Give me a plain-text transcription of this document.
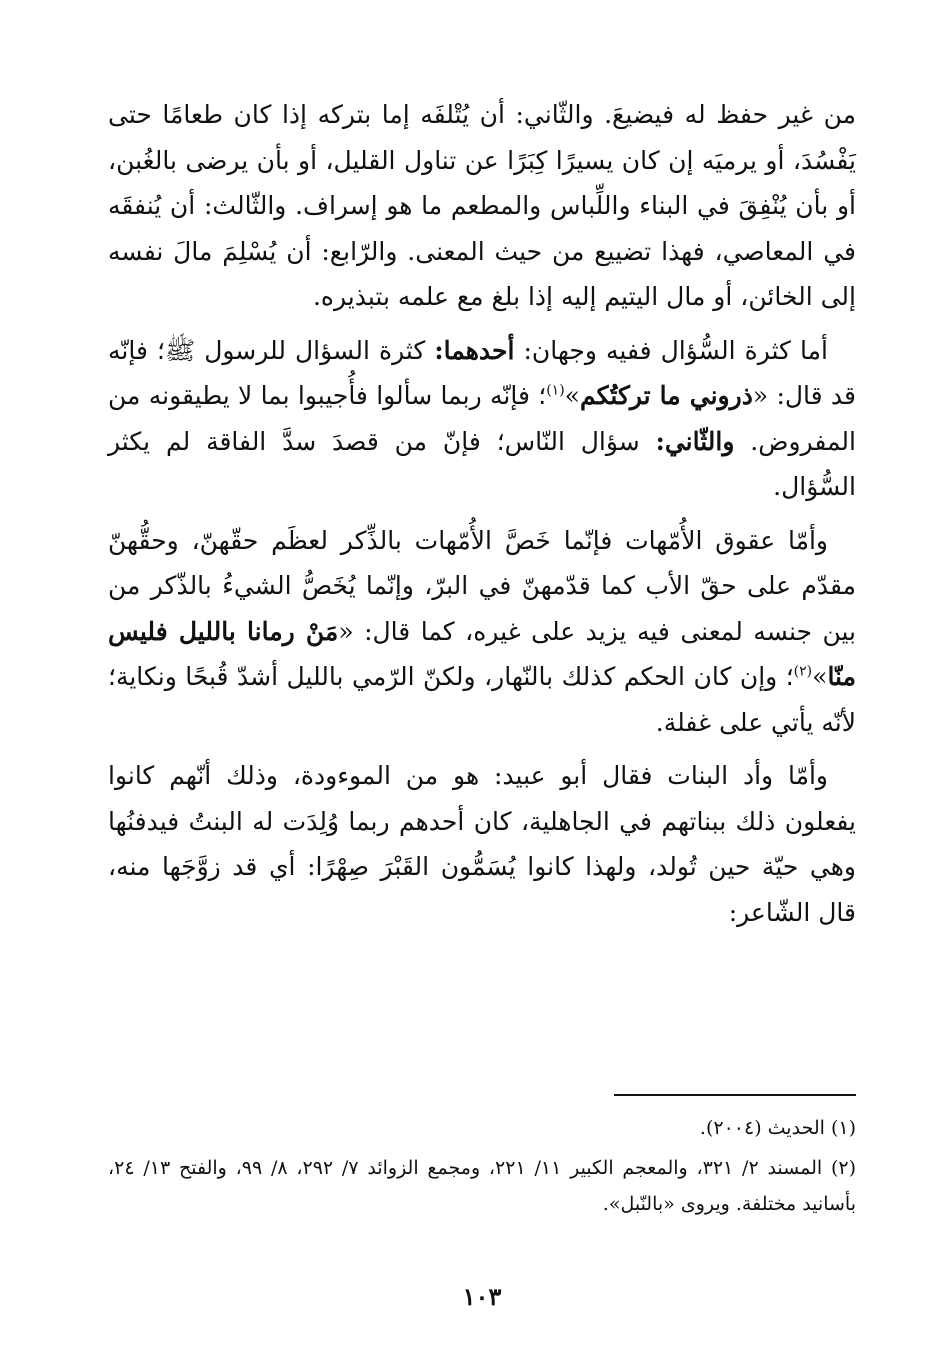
من غير حفظ له فيضيعَ. والثّاني: أن يُتْلفَه إما بتركه إذا كان طعامًا حتى يَفْسُدَ، أو يرميَه إن كان يسيرًا كِبَرًا عن تناول القليل، أو بأن يرضى بالغُبن، أو بأن يُنْفِقَ في البناء واللِّباس والمطعم ما هو إسراف. والثّالث: أن يُنفقَه في المعاصي، فهذا تضييع من حيث المعنى. والرّابع: أن يُسْلِمَ مالَ نفسه إلى الخائن، أو مال اليتيم إليه إذا بلغ مع علمه بتبذيره.

أما كثرة السُّؤال ففيه وجهان: أحدهما: كثرة السؤال للرسول ﷺ؛ فإنّه قد قال: «ذروني ما تركتُكم»$^{(١)}$؛ فإنّه ربما سألوا فأُجيبوا بما لا يطيقونه من المفروض. والثّاني: سؤال النّاس؛ فإنّ من قصدَ سدَّ الفاقة لم يكثر السُّؤال.

وأمّا عقوق الأُمّهات فإنّما خَصَّ الأُمّهات بالذِّكر لعظَم حقّهنّ، وحقُّهنّ مقدّم على حقّ الأب كما قدّمهنّ في البرّ، وإنّما يُخَصُّ الشيءُ بالذّكر من بين جنسه لمعنى فيه يزيد على غيره، كما قال: «مَنْ رمانا بالليل فليس منّا»$^{(٢)}$؛ وإن كان الحكم كذلك بالنّهار، ولكنّ الرّمي بالليل أشدّ قُبحًا ونكاية؛ لأنّه يأتي على غفلة.

وأمّا وأد البنات فقال أبو عبيد: هو من الموءودة، وذلك أنّهم كانوا يفعلون ذلك ببناتهم في الجاهلية، كان أحدهم ربما وُلِدَت له البنتُ فيدفنُها وهي حيّة حين تُولد، ولهذا كانوا يُسَمُّون القَبْرَ صِهْرًا: أي قد زوَّجَها منه، قال الشّاعر:

(١) الحديث (٢٠٠٤).

(٢) المسند ٢/ ٣٢١، والمعجم الكبير ١١/ ٢٢١، ومجمع الزوائد ٧/ ٢٩٢، ٨/ ٩٩، والفتح ١٣/ ٢٤، بأسانيد مختلفة. ويروى «بالنّبل».

١٠٣
